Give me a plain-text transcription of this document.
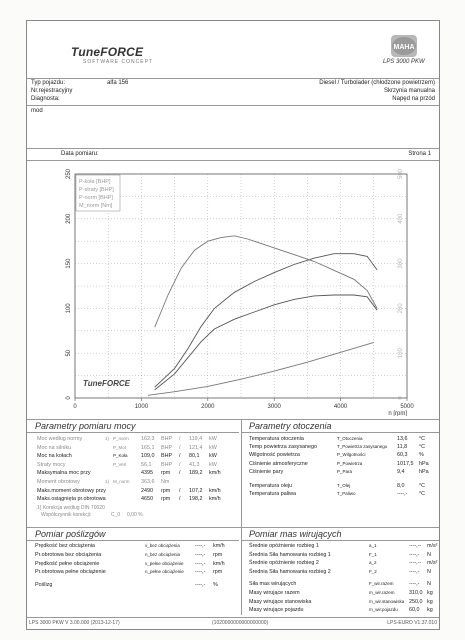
TuneFORCE
SOFTWARE CONCEPT
MAHA
LPS 3000 PKW
Typ pojazdu:	alfa 156
Nr.rejestracyjny
Diagnosta:
Diesel / Turbolader (chłodzone powietrzem)
Skrzynia manualna
Napęd na przód
mod
Data pomiaru:	Strona 1
0	1000	2000	3000	4000	5000
0
50
100
150
200
250
0
100
200
300
400
500
P-koła [BHP]
P-straty [BHP]
P-norm [BHP]
M_norm [Nm]
TuneFORCE
n [rpm]
Parametry pomiaru mocy
Moc według normy	1) P_norm 162,3 BHP / 119,4 kW
Moc na silniku	P_Mot	165,1 BHP / 121,4 kW
Moc na kołach	P_Koła 109,0 BHP / 80,1 kW
Straty mocy	P_Verl	56,1 BHP / 41,3 kW
Maksymalna moc przy	4395 rpm / 189,2 km/h
Moment obrotowy	1) M_norm 363,6 Nm
Maks.moment obrotowy przy	2490 rpm / 107,2 km/h
Maks.osiągnięta pr.obrotowa	4650 rpm / 198,2 km/h
1) Korekcja według DIN 70020
Współczynnik korekcji:	C_0 0,00 %
Parametry otoczenia
Temperatura otoczenia	T_Otoczenia	13,6 °C
Temp powietrza zasysanego	T_Powietrza zasysanego 11,8 °C
Wilgotność powietrza	P_Wilgotności	60,3 %
Ciśnienie atmosferyczne	P_Powietrza	1017,5 hPa
Ciśnienie pary	P_Para	9,4	hPa
Temperatura oleju	T_Olej	8,0	°C
Temperatura paliwa	T_Paliwo	----,- °C
Pomiar poślizgów
Prędkość bez obciążenia	v_bez obciążenia	----,- km/h
Pr.obrotowa bez obciążenia	n_bez obciążenia	----,- rpm
Prędkość pełne obciążenie	v_pełne obciążenie ----,- km/h
Pr.obrotowa pełne obciążenie	n_pełne obciążenie ----,- rpm
Poślizg	----,- %
Pomiar mas wirujących
Średnie opóźnienie rozbieg 1	a_1	----,-- m/s²
Średnia Siła hamowania rozbieg 1	F_1	----,- N
Średnie opóźnienie rozbieg 2	a_2	----,-- m/s²
Średnia Siła hamowania rozbieg 2	F_2	----,- N
Siła mas wirujących	F_wir.razem	----,- N
Masy wirujące razem	m_wir.razem	310,0 kg
Masy wirujące stanowiska	m_wir.stanowiska 250,0 kg
Masy wirujące pojazdu	m_wir.pojazdu 60,0 kg
LPS 3000 PKW V 3.00.000 (2013-12-17)	(1020000000000000000)	LPS-EURO V1.37.010
